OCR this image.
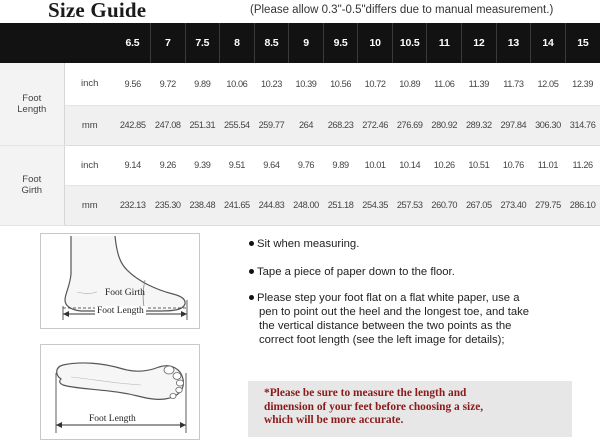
Size Guide	(Please allow 0.3"-0.5"differs due to manual measurement.)
		6.5	7	7.5	8	8.5	9	9.5	10	10.5	11	12	13	14	15
Foot
Length	inch	9.56	9.72	9.89	10.06	10.23	10.39	10.56	10.72	10.89	11.06	11.39	11.73	12.05	12.39
	mm	242.85	247.08	251.31	255.54	259.77	264	268.23	272.46	276.69	280.92	289.32	297.84	306.30	314.76
Foot
Girth	inch	9.14	9.26	9.39	9.51	9.64	9.76	9.89	10.01	10.14	10.26	10.51	10.76	11.01	11.26
	mm	232.13	235.30	238.48	241.65	244.83	248.00	251.18	254.35	257.53	260.70	267.05	273.40	279.75	286.10
Foot Girth
Foot Length
Foot Length
Sit when measuring.
Tape a piece of paper down to the floor.
Please step your foot flat on a flat white paper, use a
pen to point out the heel and the longest toe, and take
the vertical distance between the two points as the
correct foot length (see the left image for details);

*Please be sure to measure the length and
dimension of your feet before choosing a size,
which will be more accurate.
